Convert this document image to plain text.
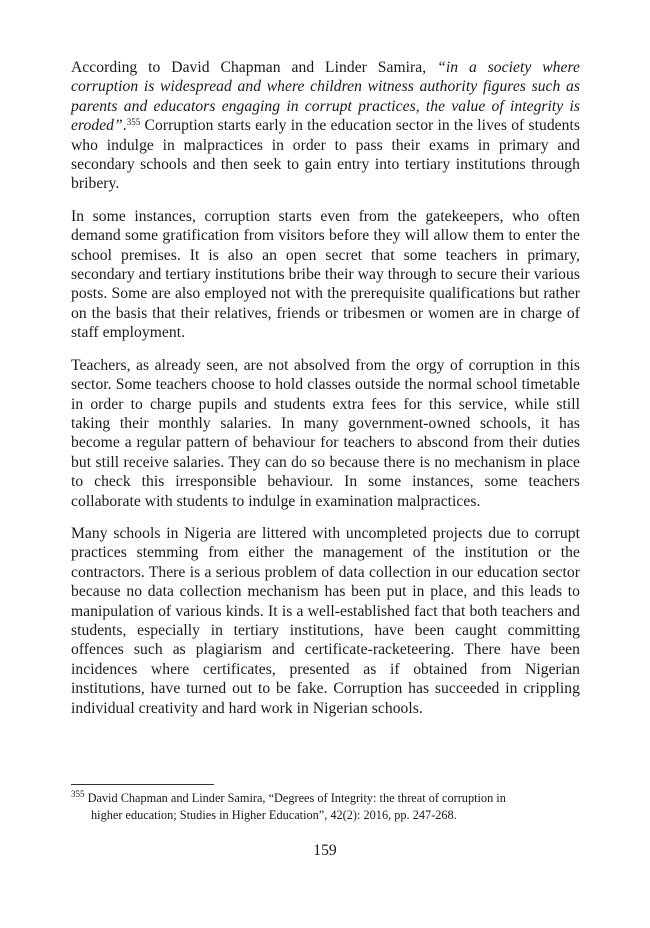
According to David Chapman and Linder Samira, “in a society where corruption is widespread and where children witness authority figures such as parents and educators engaging in corrupt practices, the value of integrity is eroded”.$^{355}$ Corruption starts early in the education sector in the lives of students who indulge in malpractices in order to pass their exams in primary and secondary schools and then seek to gain entry into tertiary institutions through bribery.

In some instances, corruption starts even from the gatekeepers, who often demand some gratification from visitors before they will allow them to enter the school premises. It is also an open secret that some teachers in primary, secondary and tertiary institutions bribe their way through to secure their various posts. Some are also employed not with the prerequisite qualifications but rather on the basis that their relatives, friends or tribesmen or women are in charge of staff employment.

Teachers, as already seen, are not absolved from the orgy of corruption in this sector. Some teachers choose to hold classes outside the normal school timetable in order to charge pupils and students extra fees for this service, while still taking their monthly salaries. In many government-owned schools, it has become a regular pattern of behaviour for teachers to abscond from their duties but still receive salaries. They can do so because there is no mechanism in place to check this irresponsible behaviour. In some instances, some teachers collaborate with students to indulge in examination malpractices.

Many schools in Nigeria are littered with uncompleted projects due to corrupt practices stemming from either the management of the institution or the contractors. There is a serious problem of data collection in our education sector because no data collection mechanism has been put in place, and this leads to manipulation of various kinds. It is a well-established fact that both teachers and students, especially in tertiary institutions, have been caught committing offences such as plagiarism and certificate-racketeering. There have been incidences where certificates, presented as if obtained from Nigerian institutions, have turned out to be fake. Corruption has succeeded in crippling individual creativity and hard work in Nigerian schools.

$^{355}$ David Chapman and Linder Samira, “Degrees of Integrity: the threat of corruption in
higher education; Studies in Higher Education”, 42(2): 2016, pp. 247-268.
159
